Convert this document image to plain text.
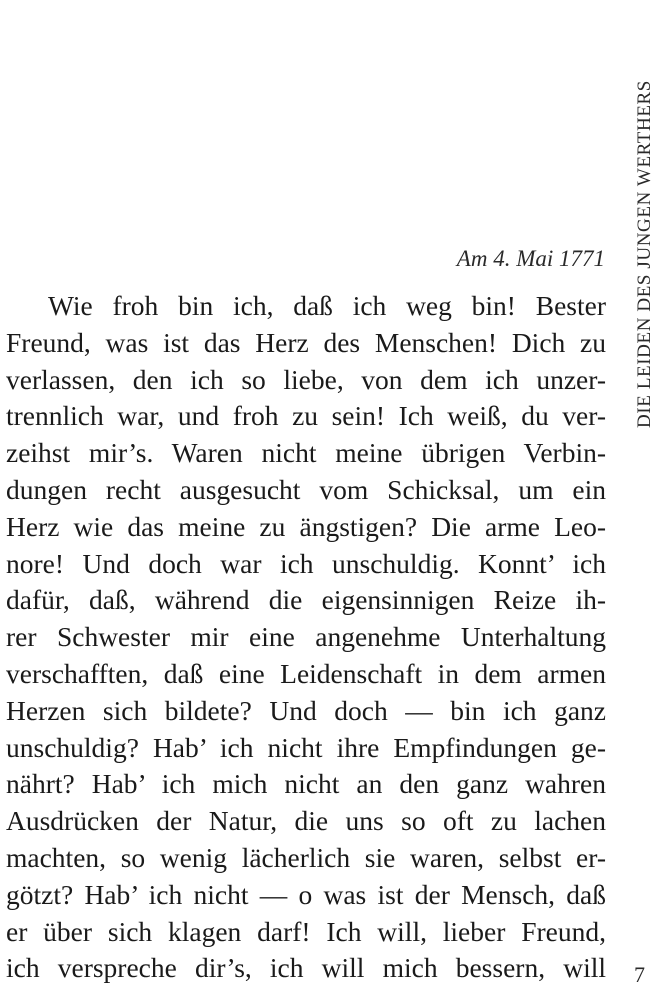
DIE LEIDEN DES JUNGEN WERTHERS
Am 4. Mai 1771
Wie froh bin ich, daß ich weg bin! Bester
Freund, was ist das Herz des Menschen! Dich zu
verlassen, den ich so liebe, von dem ich unzer-
trennlich war, und froh zu sein! Ich weiß, du ver-
zeihst mir’s. Waren nicht meine übrigen Verbin-
dungen recht ausgesucht vom Schicksal, um ein
Herz wie das meine zu ängstigen? Die arme Leo-
nore! Und doch war ich unschuldig. Konnt’ ich
dafür, daß, während die eigensinnigen Reize ih-
rer Schwester mir eine angenehme Unterhaltung
verschafften, daß eine Leidenschaft in dem armen
Herzen sich bildete? Und doch — bin ich ganz
unschuldig? Hab’ ich nicht ihre Empfindungen ge-
nährt? Hab’ ich mich nicht an den ganz wahren
Ausdrücken der Natur, die uns so oft zu lachen
machten, so wenig lächerlich sie waren, selbst er-
götzt? Hab’ ich nicht — o was ist der Mensch, daß
er über sich klagen darf! Ich will, lieber Freund,
ich verspreche dir’s, ich will mich bessern, will 7
